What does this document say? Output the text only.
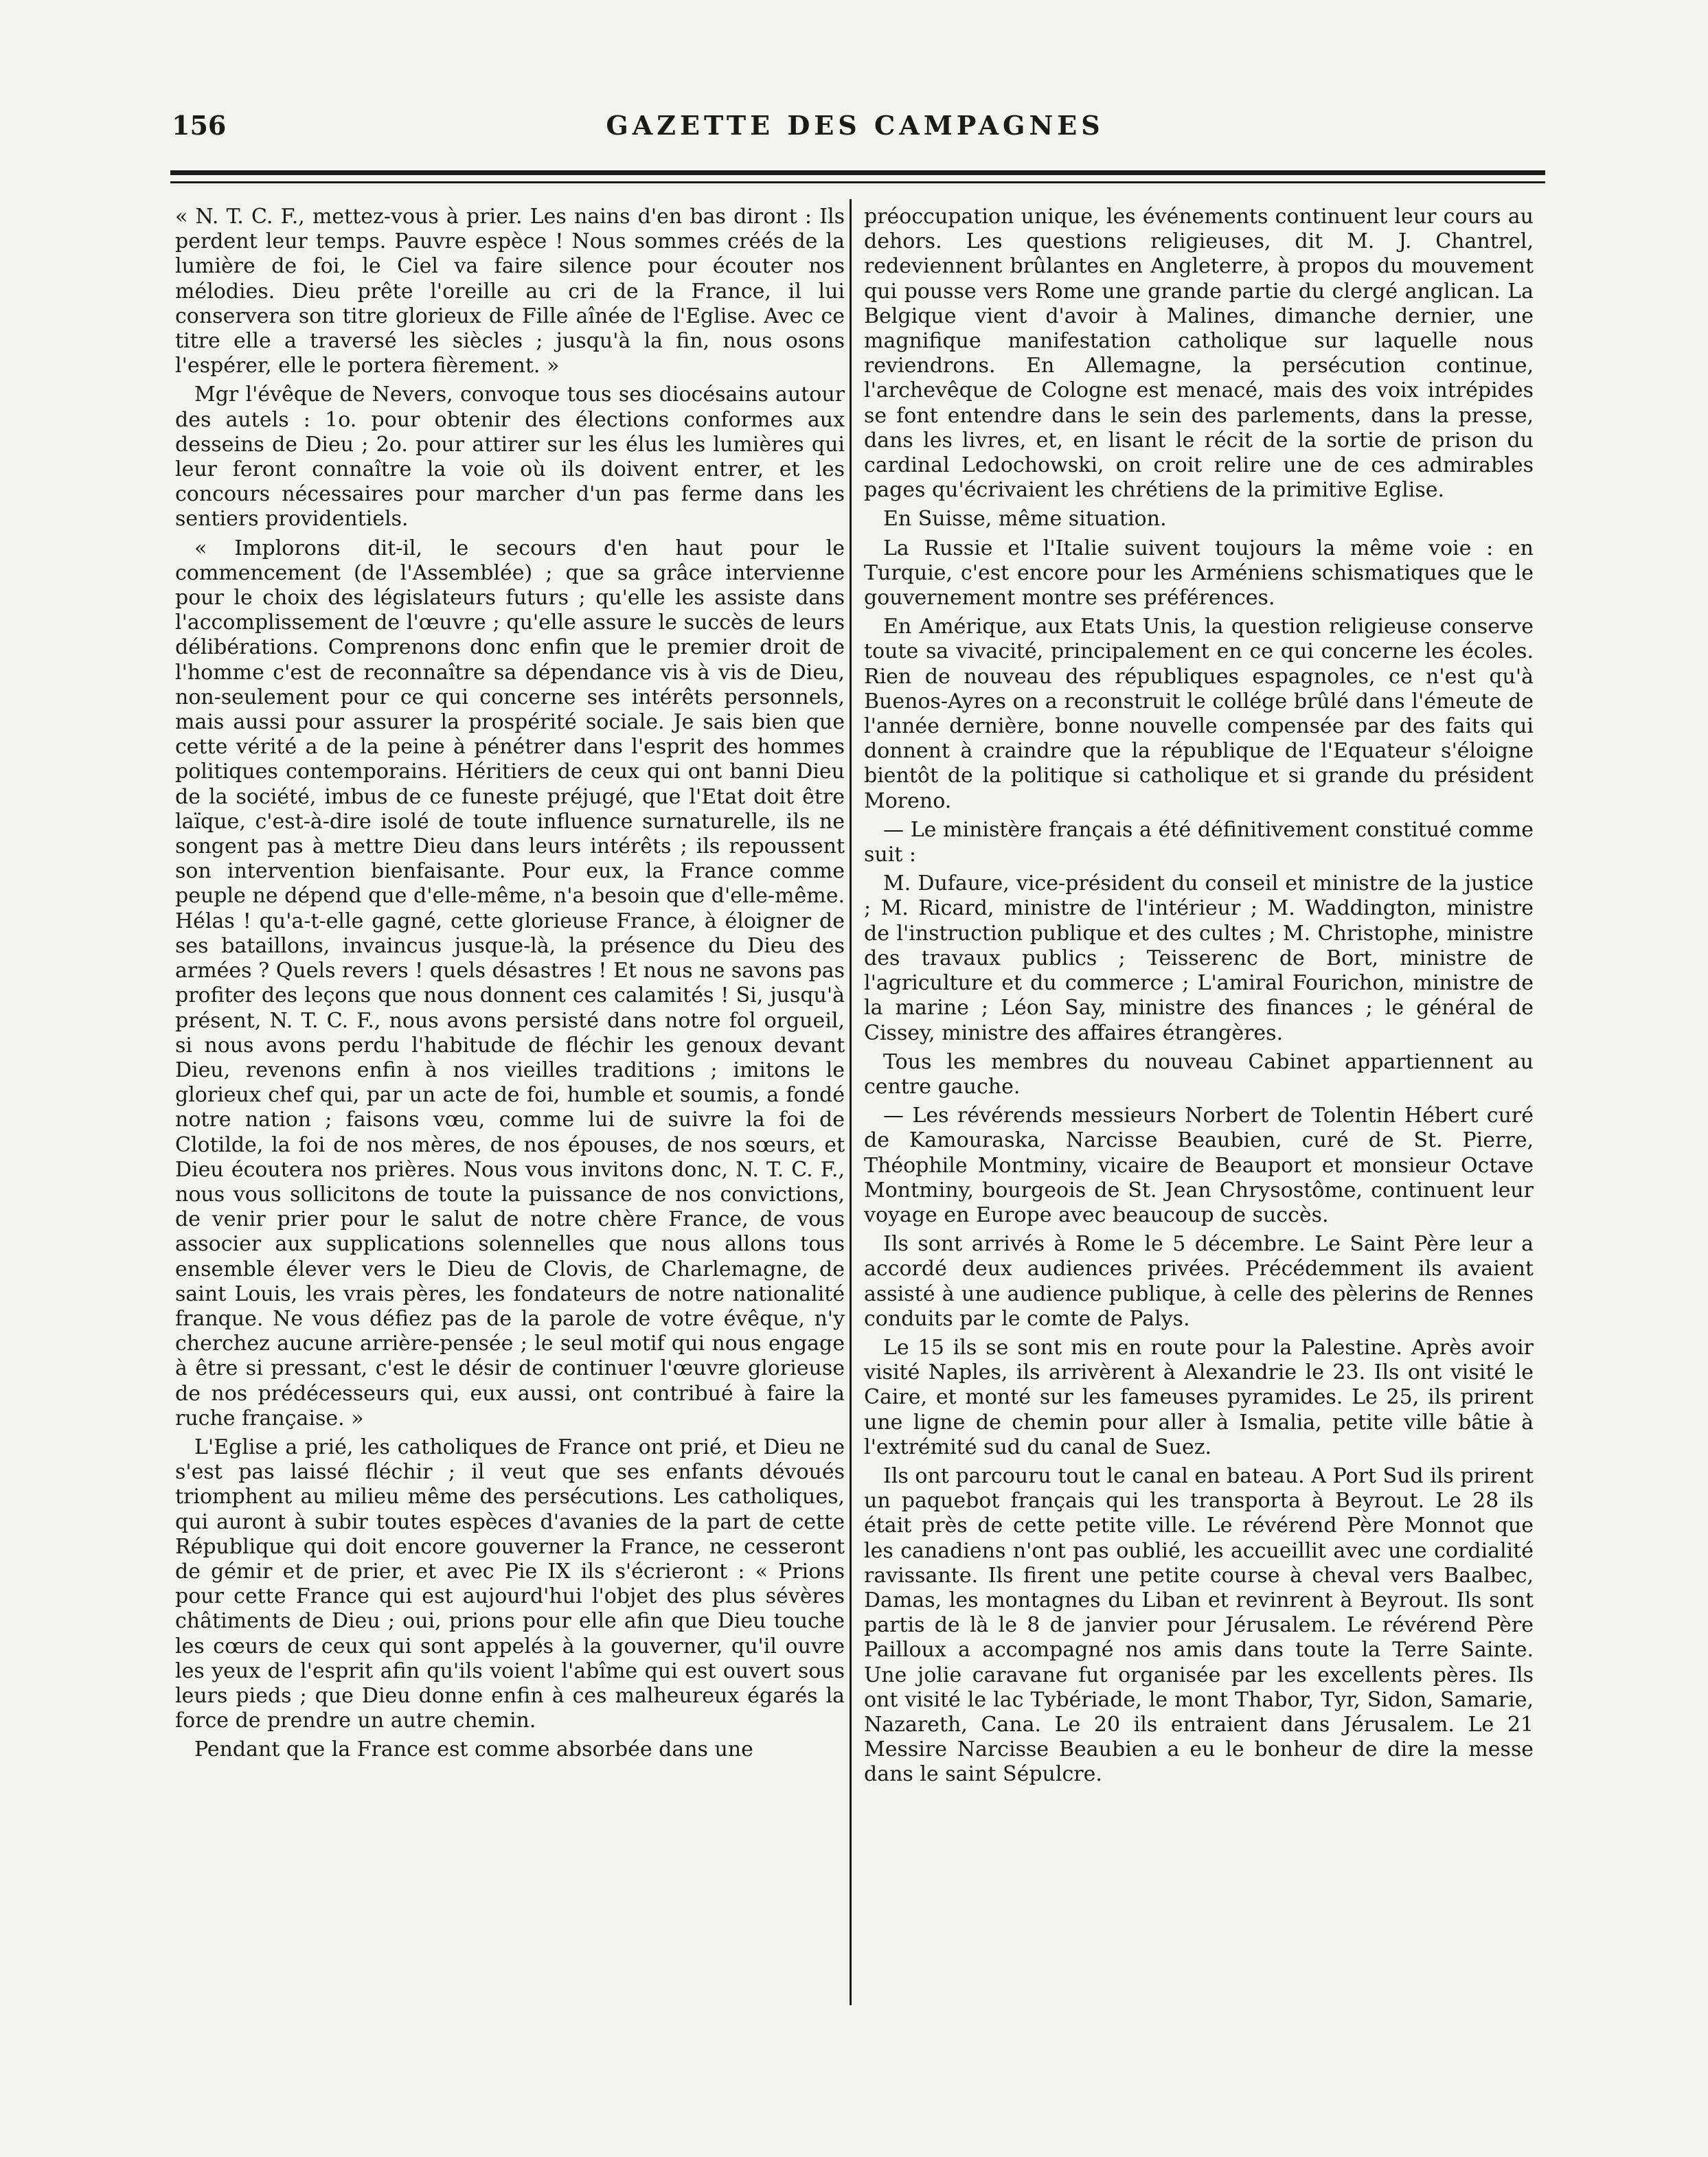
156	GAZETTE DES CAMPAGNES

« N. T. C. F., mettez-vous à prier. Les nains d'en bas diront : Ils perdent leur temps. Pauvre espèce ! Nous sommes créés de la lumière de foi, le Ciel va faire silence pour écouter nos mélodies. Dieu prête l'oreille au cri de la France, il lui conservera son titre glorieux de Fille aînée de l'Eglise. Avec ce titre elle a traversé les siècles ; jusqu'à la fin, nous osons l'espérer, elle le portera fièrement. »

Mgr l'évêque de Nevers, convoque tous ses diocésains autour des autels : 1o. pour obtenir des élections conformes aux desseins de Dieu ; 2o. pour attirer sur les élus les lumières qui leur feront connaître la voie où ils doivent entrer, et les concours nécessaires pour marcher d'un pas ferme dans les sentiers providentiels.

« Implorons dit-il, le secours d'en haut pour le commencement (de l'Assemblée) ; que sa grâce intervienne pour le choix des législateurs futurs ; qu'elle les assiste dans l'accomplissement de l'œuvre ; qu'elle assure le succès de leurs délibérations. Comprenons donc enfin que le premier droit de l'homme c'est de reconnaître sa dépendance vis à vis de Dieu, non-seulement pour ce qui concerne ses intérêts personnels, mais aussi pour assurer la prospérité sociale. Je sais bien que cette vérité a de la peine à pénétrer dans l'esprit des hommes politiques contemporains. Héritiers de ceux qui ont banni Dieu de la société, imbus de ce funeste préjugé, que l'Etat doit être laïque, c'est-à-dire isolé de toute influence surnaturelle, ils ne songent pas à mettre Dieu dans leurs intérêts ; ils repoussent son intervention bienfaisante. Pour eux, la France comme peuple ne dépend que d'elle-même, n'a besoin que d'elle-même. Hélas ! qu'a-t-elle gagné, cette glorieuse France, à éloigner de ses bataillons, invaincus jusque-là, la présence du Dieu des armées ? Quels revers ! quels désastres ! Et nous ne savons pas profiter des leçons que nous donnent ces calamités ! Si, jusqu'à présent, N. T. C. F., nous avons persisté dans notre fol orgueil, si nous avons perdu l'habitude de fléchir les genoux devant Dieu, revenons enfin à nos vieilles traditions ; imitons le glorieux chef qui, par un acte de foi, humble et soumis, a fondé notre nation ; faisons vœu, comme lui de suivre la foi de Clotilde, la foi de nos mères, de nos épouses, de nos sœurs, et Dieu écoutera nos prières. Nous vous invitons donc, N. T. C. F., nous vous sollicitons de toute la puissance de nos convictions, de venir prier pour le salut de notre chère France, de vous associer aux supplications solennelles que nous allons tous ensemble élever vers le Dieu de Clovis, de Charlemagne, de saint Louis, les vrais pères, les fondateurs de notre nationalité franque. Ne vous défiez pas de la parole de votre évêque, n'y cherchez aucune arrière-pensée ; le seul motif qui nous engage à être si pressant, c'est le désir de continuer l'œuvre glorieuse de nos prédécesseurs qui, eux aussi, ont contribué à faire la ruche française. »

L'Eglise a prié, les catholiques de France ont prié, et Dieu ne s'est pas laissé fléchir ; il veut que ses enfants dévoués triomphent au milieu même des persécutions. Les catholiques, qui auront à subir toutes espèces d'avanies de la part de cette République qui doit encore gouverner la France, ne cesseront de gémir et de prier, et avec Pie IX ils s'écrieront : « Prions pour cette France qui est aujourd'hui l'objet des plus sévères châtiments de Dieu ; oui, prions pour elle afin que Dieu touche les cœurs de ceux qui sont appelés à la gouverner, qu'il ouvre les yeux de l'esprit afin qu'ils voient l'abîme qui est ouvert sous leurs pieds ; que Dieu donne enfin à ces malheureux égarés la force de prendre un autre chemin.

Pendant que la France est comme absorbée dans une

préoccupation unique, les événements continuent leur cours au dehors. Les questions religieuses, dit M. J. Chantrel, redeviennent brûlantes en Angleterre, à propos du mouvement qui pousse vers Rome une grande partie du clergé anglican. La Belgique vient d'avoir à Malines, dimanche dernier, une magnifique manifestation catholique sur laquelle nous reviendrons. En Allemagne, la persécution continue, l'archevêque de Cologne est menacé, mais des voix intrépides se font entendre dans le sein des parlements, dans la presse, dans les livres, et, en lisant le récit de la sortie de prison du cardinal Ledochowski, on croit relire une de ces admirables pages qu'écrivaient les chrétiens de la primitive Eglise.

En Suisse, même situation.

La Russie et l'Italie suivent toujours la même voie : en Turquie, c'est encore pour les Arméniens schismatiques que le gouvernement montre ses préférences.

En Amérique, aux Etats Unis, la question religieuse conserve toute sa vivacité, principalement en ce qui concerne les écoles. Rien de nouveau des républiques espagnoles, ce n'est qu'à Buenos-Ayres on a reconstruit le collége brûlé dans l'émeute de l'année dernière, bonne nouvelle compensée par des faits qui donnent à craindre que la république de l'Equateur s'éloigne bientôt de la politique si catholique et si grande du président Moreno.

— Le ministère français a été définitivement constitué comme suit :

M. Dufaure, vice-président du conseil et ministre de la justice ; M. Ricard, ministre de l'intérieur ; M. Waddington, ministre de l'instruction publique et des cultes ; M. Christophe, ministre des travaux publics ; Teisserenc de Bort, ministre de l'agriculture et du commerce ; L'amiral Fourichon, ministre de la marine ; Léon Say, ministre des finances ; le général de Cissey, ministre des affaires étrangères.

Tous les membres du nouveau Cabinet appartiennent au centre gauche.

— Les révérends messieurs Norbert de Tolentin Hébert curé de Kamouraska, Narcisse Beaubien, curé de St. Pierre, Théophile Montminy, vicaire de Beauport et monsieur Octave Montminy, bourgeois de St. Jean Chrysostôme, continuent leur voyage en Europe avec beaucoup de succès.

Ils sont arrivés à Rome le 5 décembre. Le Saint Père leur a accordé deux audiences privées. Précédemment ils avaient assisté à une audience publique, à celle des pèlerins de Rennes conduits par le comte de Palys.

Le 15 ils se sont mis en route pour la Palestine. Après avoir visité Naples, ils arrivèrent à Alexandrie le 23. Ils ont visité le Caire, et monté sur les fameuses pyramides. Le 25, ils prirent une ligne de chemin pour aller à Ismalia, petite ville bâtie à l'extrémité sud du canal de Suez.

Ils ont parcouru tout le canal en bateau. A Port Sud ils prirent un paquebot français qui les transporta à Beyrout. Le 28 ils était près de cette petite ville. Le révérend Père Monnot que les canadiens n'ont pas oublié, les accueillit avec une cordialité ravissante. Ils firent une petite course à cheval vers Baalbec, Damas, les montagnes du Liban et revinrent à Beyrout. Ils sont partis de là le 8 de janvier pour Jérusalem. Le révérend Père Pailloux a accompagné nos amis dans toute la Terre Sainte. Une jolie caravane fut organisée par les excellents pères. Ils ont visité le lac Tybériade, le mont Thabor, Tyr, Sidon, Samarie, Nazareth, Cana. Le 20 ils entraient dans Jérusalem. Le 21 Messire Narcisse Beaubien a eu le bonheur de dire la messe dans le saint Sépulcre.
